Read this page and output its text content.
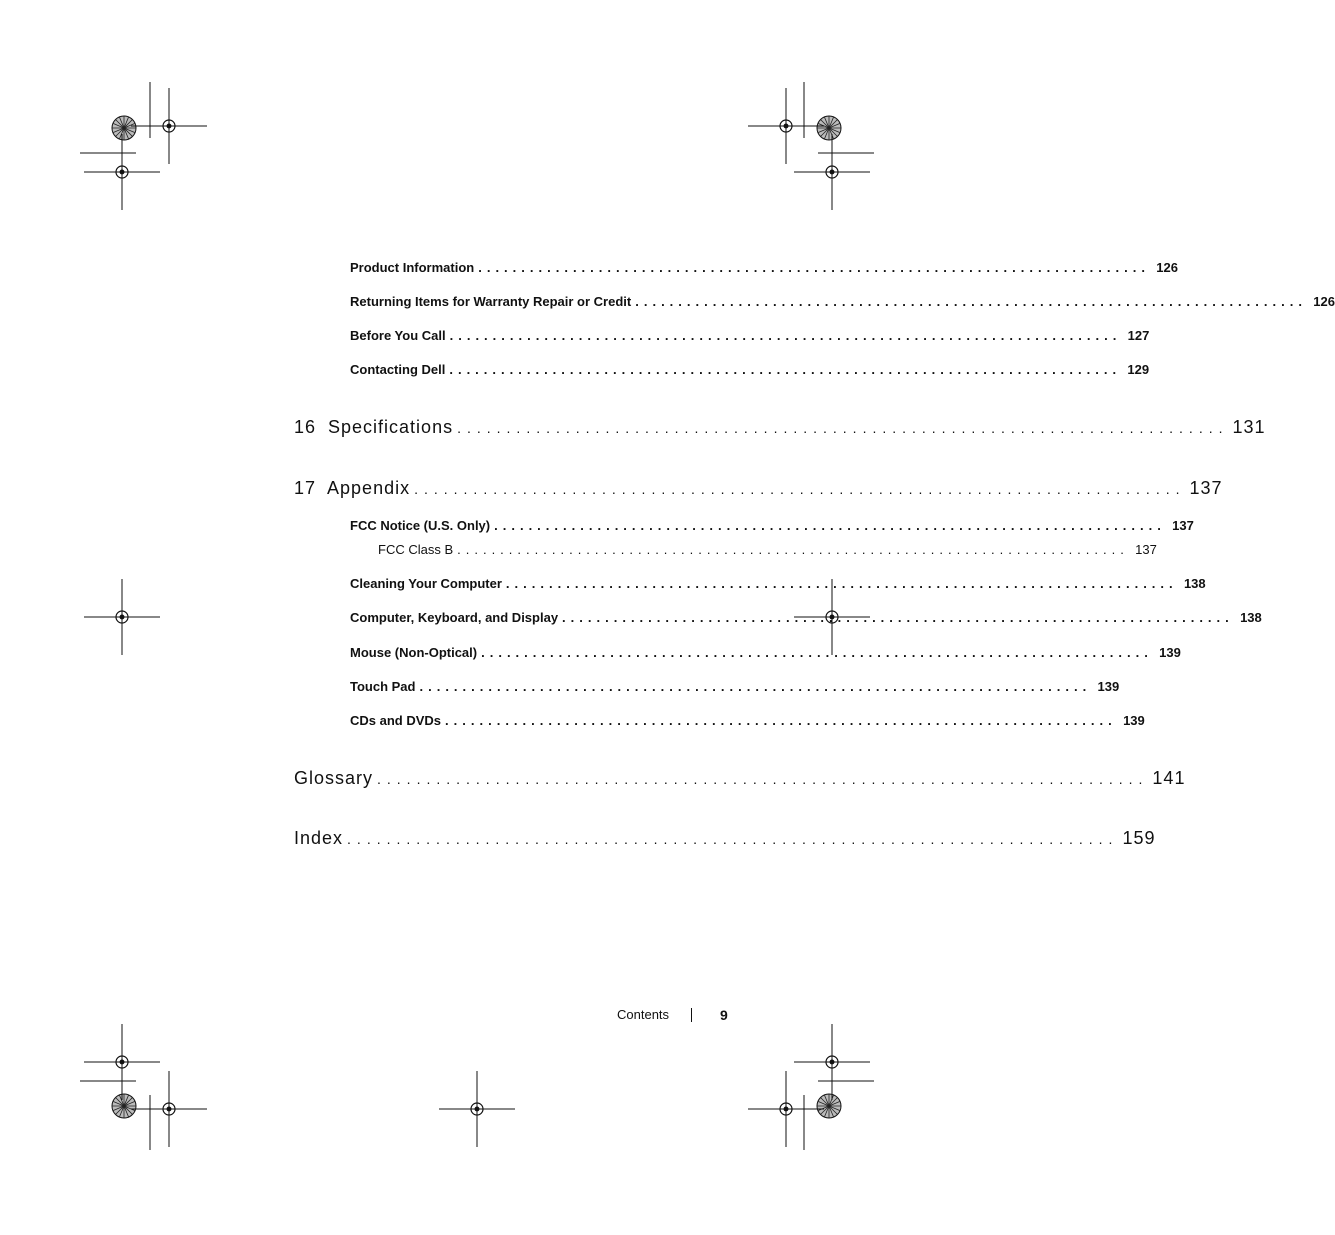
Product Information .............................................................................. 126
Returning Items for Warranty Repair or Credit .............................................................................. 126
Before You Call .............................................................................. 127
Contacting Dell .............................................................................. 129
16  Specifications .............................................................................. 131
17  Appendix .............................................................................. 137
FCC Notice (U.S. Only) .............................................................................. 137
FCC Class B .............................................................................. 137
Cleaning Your Computer .............................................................................. 138
Computer, Keyboard, and Display .............................................................................. 138
Mouse (Non-Optical) .............................................................................. 139
Touch Pad .............................................................................. 139
CDs and DVDs .............................................................................. 139
Glossary .............................................................................. 141
Index .............................................................................. 159
Contents	9
